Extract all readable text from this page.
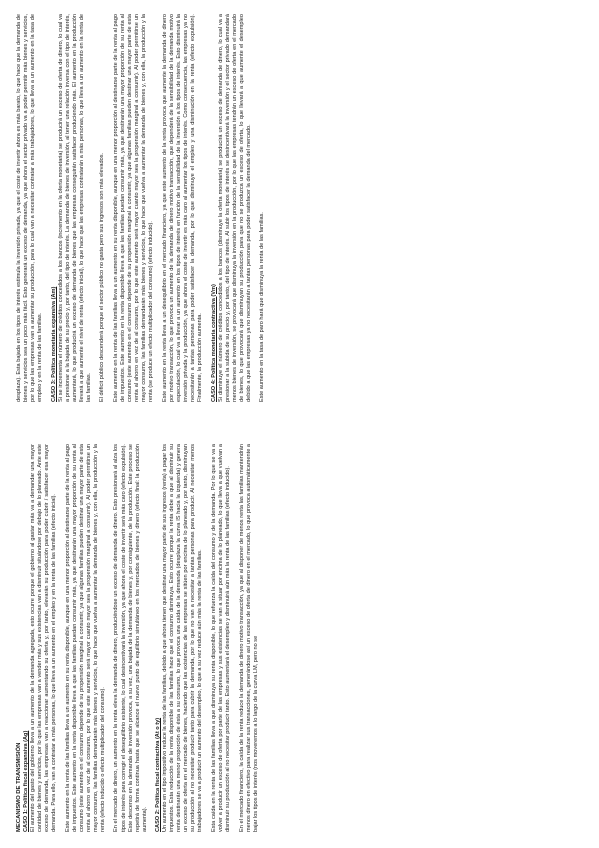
MECANISMO DE TRANSMISIÓN CASO 1: Política fiscal expansiva (Ag) El aumento del gasto del gobierno lleva a un aumento de la demanda agregada, esto ocurre porque el gobierno al gastar más va a demandar una mayor cantidad de bienes y servicios, por lo que las empresas van a vender más y sus existencias van a disminuir situándose por debajo de lo planeado. Ante este exceso de demanda, las empresas van a reaccionar aumentando su oferta y, por tanto, elevarán su producción para poder cubrir / satisfacer esa mayor demanda. Para ello, van a contratar a más personas, lo que lleva a un aumento en el empleo y en la renta de las familias (efecto inicial). Este aumento en la renta de las familias lleva a un aumento en su renta disponible, aunque en una menor proporción al destinarse parte de la renta al pago de impuestos. Este aumento en la renta disponible lleva a que las familias puedan consumir más, ya que destinarán una mayor proporción de su renta al consumo (este aumento en el consumo depende de su propensión marginal a consumir, ya que algunas familias pueden destinar una mayor parte de esta renta al ahorro en vez de al consumo, por lo que este aumento será mayor cuanto mayor sea la propensión marginal a consumir). Al poder permitirse un mayor consumo, las familias demandarán más bienes y servicios, lo que hace que vuelva a aumentar la demanda de bienes y, con ella, la producción y la renta (efecto inducido o efecto multiplicador del consumo). En el mercado de dinero, un aumento en la renta eleva la demanda de dinero, produciéndose un exceso de demanda de dinero. Esto presionará al alza los tipos de interés para corregir el desequilibrio existente, lo cual desincentivará la inversión, ya que ahora el coste de invertir será más caro (efecto expulsión). Este descenso en la demanda de inversión provoca, a su vez, una bajada de la demanda de bienes y, por consiguiente, de la producción. Este proceso se repetirá de forma continua hasta que se alcance el nuevo punto de equilibrio simultáneo en los mercados de bienes y dinero (efecto final: la producción aumenta). CASO 2: Política fiscal contractiva (At o ty) Un aumento en el tipo impositivo reduce la renta de las familias, debido a que ahora tienen que destinar una mayor parte de sus ingresos (renta) a pagar los impuestos. Esta reducción de la renta disponible de las familias hace que el consumo disminuya. Esto ocurre porque la renta debe a que al disminuir su renta destinarán una menor proporción de ésta a su consumo, lo que provoca una caída de la demanda (desplaza la curva IS hacia la izquierda) y genera un exceso de oferta en el mercado de bienes, haciendo que las existencias de las empresas se sitúen por encima de lo planeado y, por tanto, disminuyan su producción al no necesitar producir tanto para cubrir la demanda, por lo que no van a necesitar a tantas personas para producir. Al necesitar menos trabajadores se va a producir un aumento del desempleo, lo que a su vez reduce aún más la renta de las familias. Esta caída en la renta de las familias lleva a que disminuya su renta disponible, lo que refuerza la caída del consumo y de la demanda. Por lo que se va a volver a producir un exceso de oferta por parte de las empresas y sus existencias se van a situar por encima de lo planeado, lo que lleva a que vuelvan a disminuir su producción al no necesitar producir tanto. Esto aumentará el desempleo y disminuirá aún más la renta de las familias (efecto inducido). En el mercado financiero, la caída de la renta reduce la demanda de dinero motivo transacción, ya que al disponer de menos renta las familias mantendrán menos dinero en efectivo para realizar sus transacciones, generándose así un exceso de oferta de dinero en el mercado, lo que provoca automáticamente a bajar los tipos de interés (nos moveremos a lo largo de la curva LM, pero no se

desplaza). Esta bajada en los tipos de interés estimula la inversión privada, ya que el coste de invertir ahora es más barato, lo que hace que la demanda de bienes y servicios sea un poco más fácil. Esto generará un exceso de demanda, ya que ahora el sector privado va a poder permitir más bienes y servicios, por lo que las empresas van a aumentar su producción, para lo cual van a necesitar contratar a más trabajadores, lo que lleva a un aumento en la tasa de empleo y en la renta de las familias. CASO 3: Política monetaria expansiva (Am) Si se incrementa el número de créditos concedidos a los bancos (incremento en la oferta monetaria) se producirá un exceso de oferta de dinero, lo cual va a presionar a la bajada de su precio y, por tanto, del tipo de interés. La demanda de bienes de inversión, al tener una relación inversa con el tipo de interés, aumentará, lo que producirá un exceso de demanda de bienes que las empresas conseguirán satisfacer produciendo más. El aumento en la producción llevará a que aumente el nivel de renta (efecto inicial), lo que hace que las empresas contratarán a más personas, lo que lleva a un aumento en la renta de las familias. El déficit público descenderá porque el sector público no gasta pero sus ingresos son más elevados. Este aumento en la renta de las familias lleva a un aumento en su renta disponible, aunque en una menor proporción al destinarse parte de la renta al pago de impuestos. Este aumento en la renta disponible lleva a que las familias puedan consumir más, ya que destinarán una mayor proporción de su renta al consumo (este aumento en el consumo depende de su propensión marginal a consumir, ya que algunas familias pueden destinar una mayor parte de esta renta al ahorro en vez de al consumo, por lo que este aumento será mayor cuanto mayor sea la propensión marginal a consumir). Al poder permitirse un mayor consumo, las familias demandarán más bienes y servicios, lo que hace que vuelva a aumentar la demanda de bienes y, con ella, la producción y la renta (se produce un efecto multiplicador del consumo) (efecto inducido). Este aumento en la renta lleva a un desequilibrio en el mercado financiero, ya que este aumento de la renta provoca que aumente la demanda de dinero por motivo transacción, lo que provoca un aumento de la demanda de dinero motivo transacción, que dependerá de la sensibilidad de la demanda motivo especulación, lo cual va a llevar a un aumento en los tipos de interés en función de la sensibilidad de la inversión a los tipos de interés. Esto disminuirá la inversión privada y la producción, ya que ahora el coste de invertir es más caro al aumentar los tipos de interés. Como consecuencia, las empresas ya no necesitarán a tantas personas para poder satisfacer la demanda, por lo que disminuye el empleo y una disminución en la renta (efecto expulsión). Finalmente, la producción aumenta. CASO 4: Política monetaria contractiva (Vm) Si disminuye el número de créditos concedidos a los bancos (disminuye la oferta monetaria) se producirá un exceso de demanda de dinero, lo cual va a presionar a la subida de su precio y, por tanto, del tipo de interés. Al subir los tipos de interés se desincentivará la inversión y el sector privado demandará menos bienes de inversión, se provocará que disminuya la inversión en la producción, por lo que las empresas tendrán un exceso de oferta en el mercado de bienes, lo que provocará que disminuyan su producción para que no se produzca un exceso de oferta, lo que llevará a que aumente el desempleo debido a que las empresas ya no necesitarán a tantas personas para poder satisfacer la demanda del mercado. Este aumento en la tasa de paro hará que disminuya la renta de las familias.
